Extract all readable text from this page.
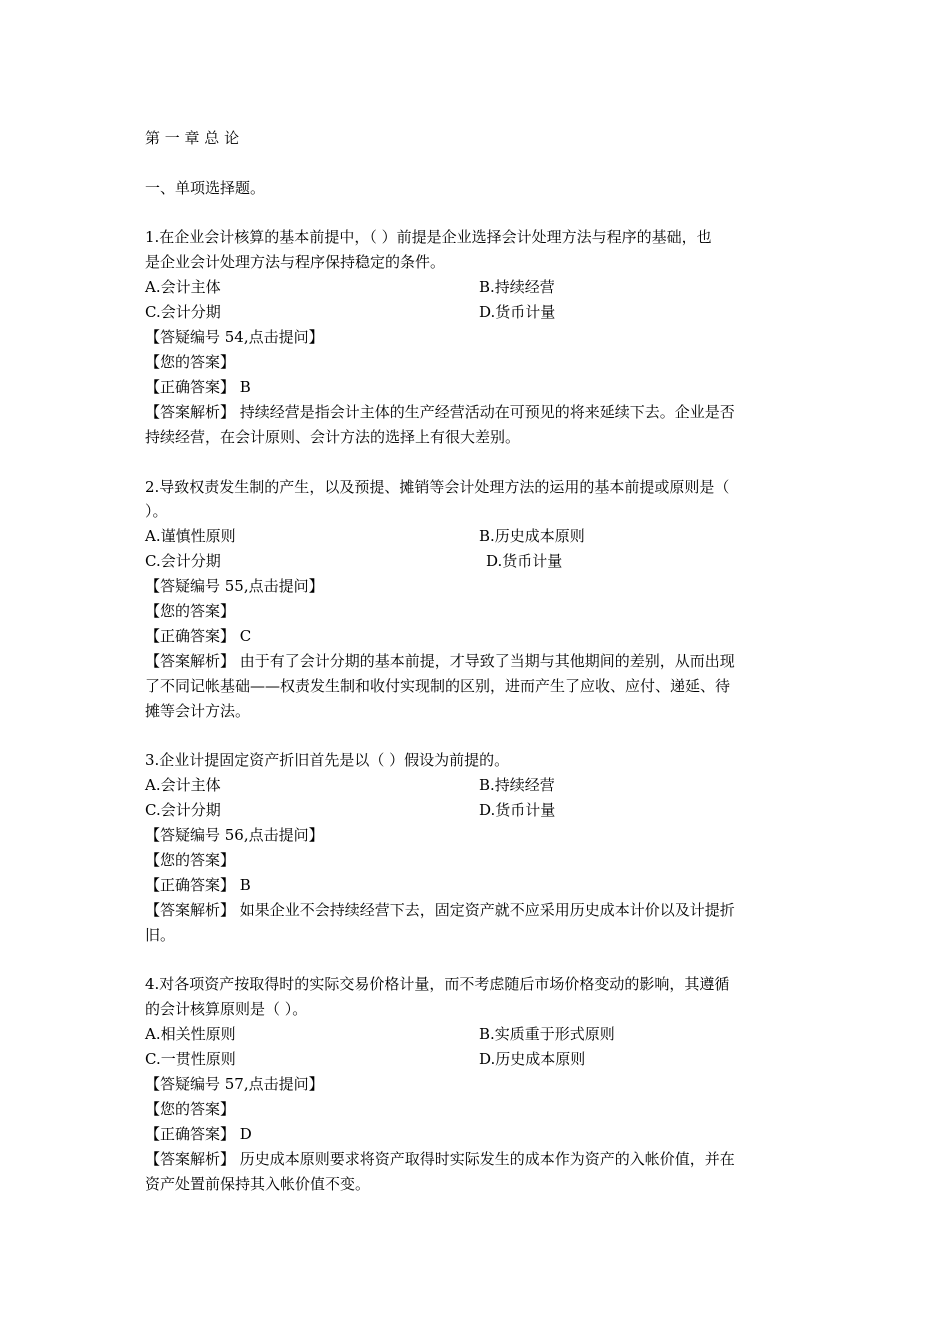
第 一 章 总 论
一、单项选择题。
1.在企业会计核算的基本前提中，（ ）前提是企业选择会计处理方法与程序的基础，也
是企业会计处理方法与程序保持稳定的条件。
A.会计主体	B.持续经营
C.会计分期	D.货币计量
【答疑编号 54,点击提问】
【您的答案】
【正确答案】 B
【答案解析】 持续经营是指会计主体的生产经营活动在可预见的将来延续下去。企业是否
持续经营，在会计原则、会计方法的选择上有很大差别。
2.导致权责发生制的产生，以及预提、摊销等会计处理方法的运用的基本前提或原则是（
）。
A.谨慎性原则	B.历史成本原则
C.会计分期	D.货币计量
【答疑编号 55,点击提问】
【您的答案】
【正确答案】 C
【答案解析】 由于有了会计分期的基本前提，才导致了当期与其他期间的差别，从而出现
了不同记帐基础——权责发生制和收付实现制的区别，进而产生了应收、应付、递延、待
摊等会计方法。
3.企业计提固定资产折旧首先是以（ ）假设为前提的。
A.会计主体	B.持续经营
C.会计分期	D.货币计量
【答疑编号 56,点击提问】
【您的答案】
【正确答案】 B
【答案解析】 如果企业不会持续经营下去，固定资产就不应采用历史成本计价以及计提折
旧。
4.对各项资产按取得时的实际交易价格计量，而不考虑随后市场价格变动的影响，其遵循
的会计核算原则是（ ）。
A.相关性原则	B.实质重于形式原则
C.一贯性原则	D.历史成本原则
【答疑编号 57,点击提问】
【您的答案】
【正确答案】 D
【答案解析】 历史成本原则要求将资产取得时实际发生的成本作为资产的入帐价值，并在
资产处置前保持其入帐价值不变。
